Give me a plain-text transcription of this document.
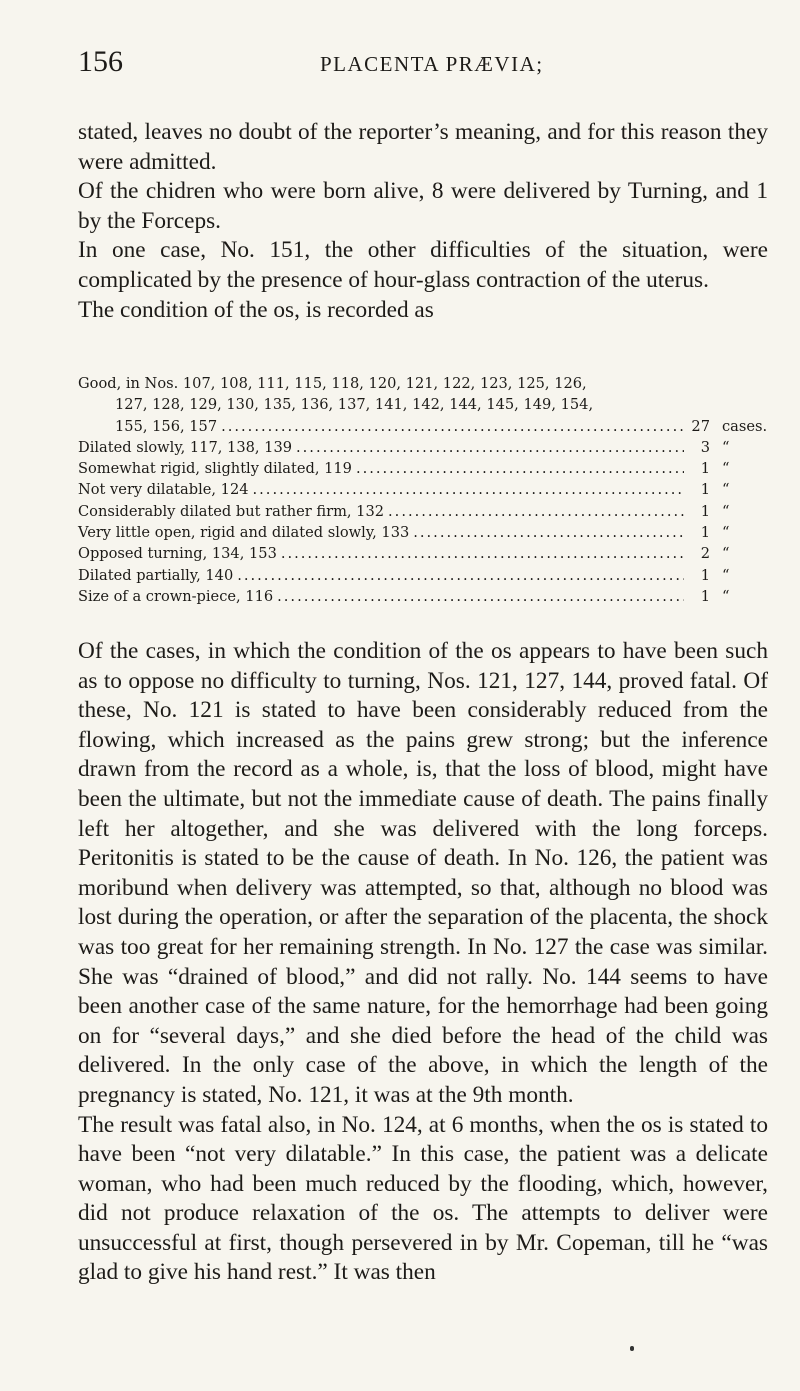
156	PLACENTA PRÆVIA;

stated, leaves no doubt of the reporter’s meaning, and for this reason they were admitted.

Of the chidren who were born alive, 8 were delivered by Turning, and 1 by the Forceps.

In one case, No. 151, the other difficulties of the situation, were complicated by the presence of hour-glass contraction of the uterus.

The condition of the os, is recorded as

Good, in Nos. 107, 108, 111, 115, 118, 120, 121, 122, 123, 125, 126,
127, 128, 129, 130, 135, 136, 137, 141, 142, 144, 145, 149, 154,
155, 156, 157 .....	27 cases.
Dilated slowly, 117, 138, 139 .....	3 “
Somewhat rigid, slightly dilated, 119 .....	1 “
Not very dilatable, 124 .....	1 “
Considerably dilated but rather firm, 132 .....	1 “
Very little open, rigid and dilated slowly, 133 .....	1 “
Opposed turning, 134, 153 .....	2 “
Dilated partially, 140 .....	1 “
Size of a crown-piece, 116 .....	1 “

Of the cases, in which the condition of the os appears to have been such as to oppose no difficulty to turning, Nos. 121, 127, 144, proved fatal. Of these, No. 121 is stated to have been considerably reduced from the flowing, which increased as the pains grew strong; but the inference drawn from the record as a whole, is, that the loss of blood, might have been the ultimate, but not the immediate cause of death. The pains finally left her altogether, and she was delivered with the long forceps. Peritonitis is stated to be the cause of death. In No. 126, the patient was moribund when delivery was attempted, so that, although no blood was lost during the operation, or after the separation of the placenta, the shock was too great for her remaining strength. In No. 127 the case was similar. She was “drained of blood,” and did not rally. No. 144 seems to have been another case of the same nature, for the hemorrhage had been going on for “several days,” and she died before the head of the child was delivered. In the only case of the above, in which the length of the pregnancy is stated, No. 121, it was at the 9th month.

The result was fatal also, in No. 124, at 6 months, when the os is stated to have been “not very dilatable.” In this case, the patient was a delicate woman, who had been much reduced by the flooding, which, however, did not produce relaxation of the os. The attempts to deliver were unsuccessful at first, though persevered in by Mr. Copeman, till he “was glad to give his hand rest.” It was then
